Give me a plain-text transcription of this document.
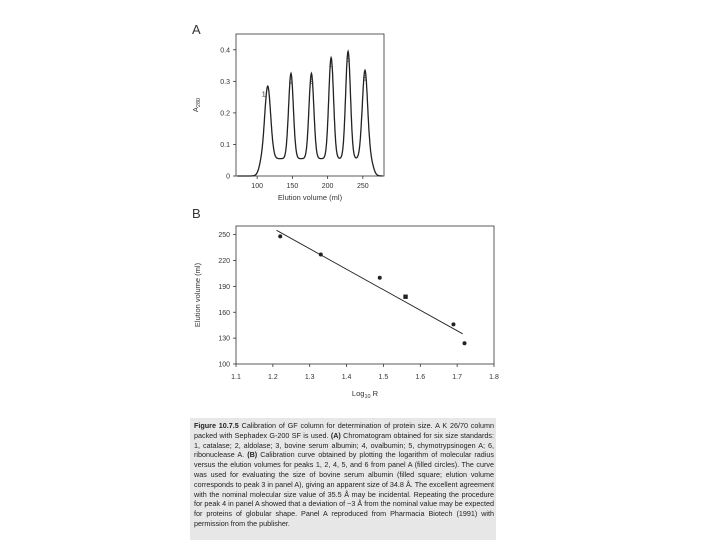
A
B
100	150	200	250
0
0.1
0.2
0.3
0.4
1
2 3
4
5
6
Elution volume (ml)
$A_{280}$
1.1	1.2	1.3	1.4	1.5	1.6	1.7	1.8
100
130
160
190
220
250
Log$_{10}$ R
Elution volume (ml)
Figure 10.7.5 Calibration of GF column for determination of protein size. A K 26/70 column packed with Sephadex G-200 SF is used. (A) Chromatogram obtained for six size standards: 1, catalase; 2, aldolase; 3, bovine serum albumin; 4, ovalbumin; 5, chymotrypsinogen A; 6, ribonuclease A. (B) Calibration curve obtained by plotting the logarithm of molecular radius versus the elution volumes for peaks 1, 2, 4, 5, and 6 from panel A (filled circles). The curve was used for evaluating the size of bovine serum albumin (filled square; elution volume corresponds to peak 3 in panel A), giving an apparent size of 34.8 Å. The excellent agreement with the nominal molecular size value of 35.5 Å may be incidental. Repeating the procedure for peak 4 in panel A showed that a deviation of ~3 Å from the nominal value may be expected for proteins of globular shape. Panel A reproduced from Pharmacia Biotech (1991) with permission from the publisher.
